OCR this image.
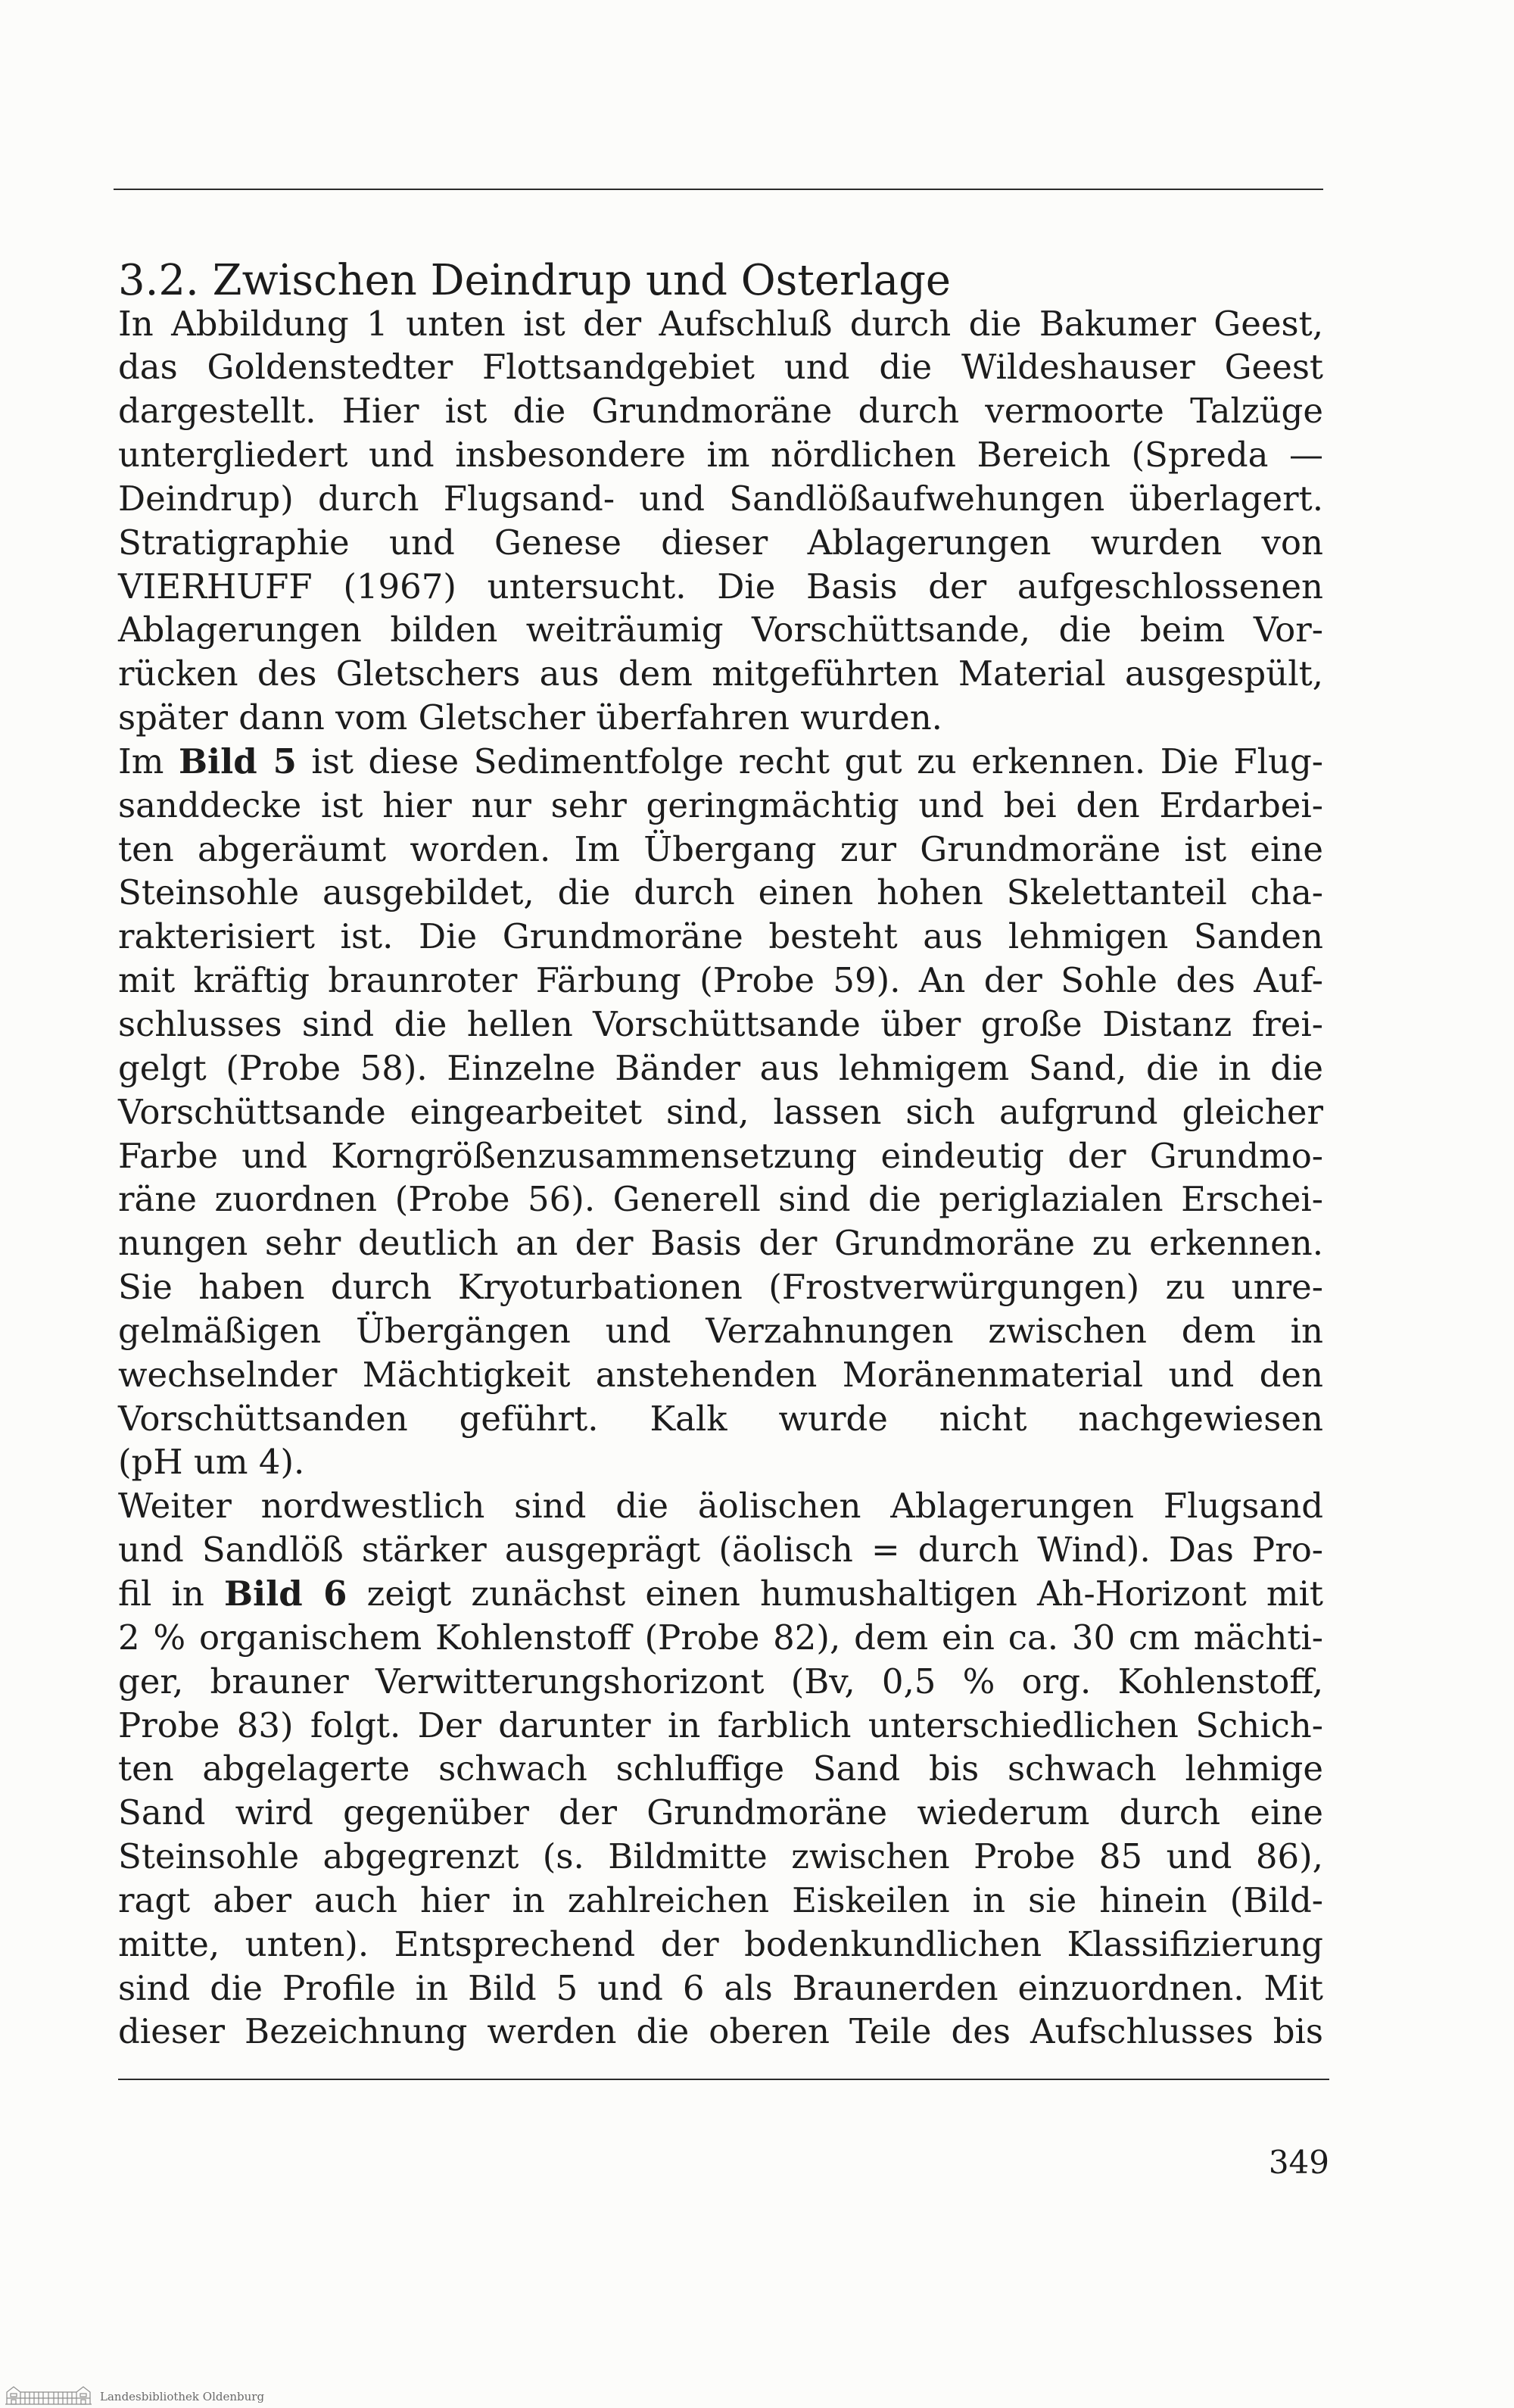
3.2. Zwischen Deindrup und Osterlage
In Abbildung 1 unten ist der Aufschluß durch die Bakumer Geest,
das Goldenstedter Flottsandgebiet und die Wildeshauser Geest
dargestellt. Hier ist die Grundmoräne durch vermoorte Talzüge
untergliedert und insbesondere im nördlichen Bereich (Spreda —
Deindrup) durch Flugsand- und Sandlößaufwehungen überlagert.
Stratigraphie und Genese dieser Ablagerungen wurden von
VIERHUFF (1967) untersucht. Die Basis der aufgeschlossenen
Ablagerungen bilden weiträumig Vorschüttsande, die beim Vor-
rücken des Gletschers aus dem mitgeführten Material ausgespült,
später dann vom Gletscher überfahren wurden.
Im Bild 5 ist diese Sedimentfolge recht gut zu erkennen. Die Flug-
sanddecke ist hier nur sehr geringmächtig und bei den Erdarbei-
ten abgeräumt worden. Im Übergang zur Grundmoräne ist eine
Steinsohle ausgebildet, die durch einen hohen Skelettanteil cha-
rakterisiert ist. Die Grundmoräne besteht aus lehmigen Sanden
mit kräftig braunroter Färbung (Probe 59). An der Sohle des Auf-
schlusses sind die hellen Vorschüttsande über große Distanz frei-
gelgt (Probe 58). Einzelne Bänder aus lehmigem Sand, die in die
Vorschüttsande eingearbeitet sind, lassen sich aufgrund gleicher
Farbe und Korngrößenzusammensetzung eindeutig der Grundmo-
räne zuordnen (Probe 56). Generell sind die periglazialen Erschei-
nungen sehr deutlich an der Basis der Grundmoräne zu erkennen.
Sie haben durch Kryoturbationen (Frostverwürgungen) zu unre-
gelmäßigen Übergängen und Verzahnungen zwischen dem in
wechselnder Mächtigkeit anstehenden Moränenmaterial und den
Vorschüttsanden geführt. Kalk wurde nicht nachgewiesen
(pH um 4).
Weiter nordwestlich sind die äolischen Ablagerungen Flugsand
und Sandlöß stärker ausgeprägt (äolisch = durch Wind). Das Pro-
fil in Bild 6 zeigt zunächst einen humushaltigen Ah-Horizont mit
2 % organischem Kohlenstoff (Probe 82), dem ein ca. 30 cm mächti-
ger, brauner Verwitterungshorizont (Bv, 0,5 % org. Kohlenstoff,
Probe 83) folgt. Der darunter in farblich unterschiedlichen Schich-
ten abgelagerte schwach schluffige Sand bis schwach lehmige
Sand wird gegenüber der Grundmoräne wiederum durch eine
Steinsohle abgegrenzt (s. Bildmitte zwischen Probe 85 und 86),
ragt aber auch hier in zahlreichen Eiskeilen in sie hinein (Bild-
mitte, unten). Entsprechend der bodenkundlichen Klassifizierung
sind die Profile in Bild 5 und 6 als Braunerden einzuordnen. Mit
dieser Bezeichnung werden die oberen Teile des Aufschlusses bis
349
Landesbibliothek Oldenburg
